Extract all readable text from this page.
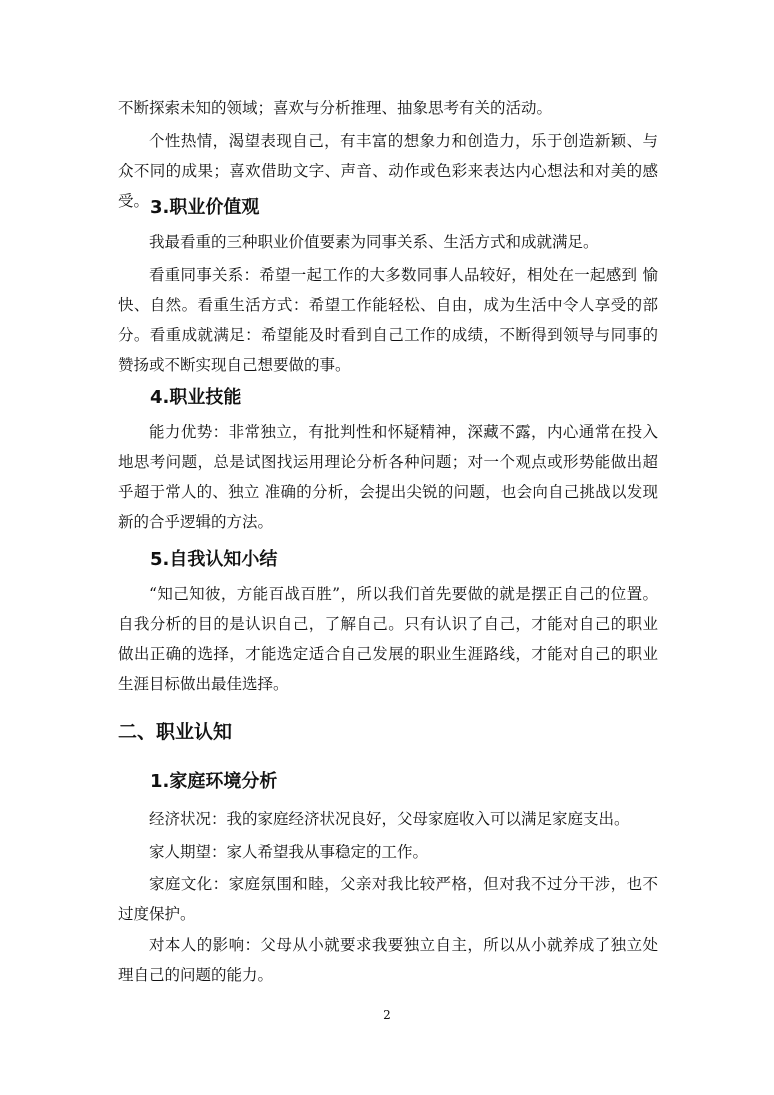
不断探索未知的领域；喜欢与分析推理、抽象思考有关的活动。

个性热情，渴望表现自己，有丰富的想象力和创造力，乐于创造新颖、与众不同的成果；喜欢借助文字、声音、动作或色彩来表达内心想法和对美的感受。 3.职业价值观

我最看重的三种职业价值要素为同事关系、生活方式和成就满足。

看重同事关系：希望一起工作的大多数同事人品较好，相处在一起感到 愉快、自然。看重生活方式：希望工作能轻松、自由，成为生活中令人享受的部分。看重成就满足：希望能及时看到自己工作的成绩，不断得到领导与同事的赞扬或不断实现自己想要做的事。

4.职业技能

能力优势：非常独立，有批判性和怀疑精神，深藏不露，内心通常在投入地思考问题，总是试图找运用理论分析各种问题；对一个观点或形势能做出超乎超于常人的、独立 准确的分析，会提出尖锐的问题，也会向自己挑战以发现新的合乎逻辑的方法。

5.自我认知小结

“知己知彼，方能百战百胜”，所以我们首先要做的就是摆正自己的位置。自我分析的目的是认识自己，了解自己。只有认识了自己，才能对自己的职业做出正确的选择，才能选定适合自己发展的职业生涯路线，才能对自己的职业生涯目标做出最佳选择。

二、职业认知
1.家庭环境分析

经济状况：我的家庭经济状况良好，父母家庭收入可以满足家庭支出。

家人期望：家人希望我从事稳定的工作。

家庭文化：家庭氛围和睦，父亲对我比较严格，但对我不过分干涉，也不过度保护。

对本人的影响：父母从小就要求我要独立自主，所以从小就养成了独立处理自己的问题的能力。

2
